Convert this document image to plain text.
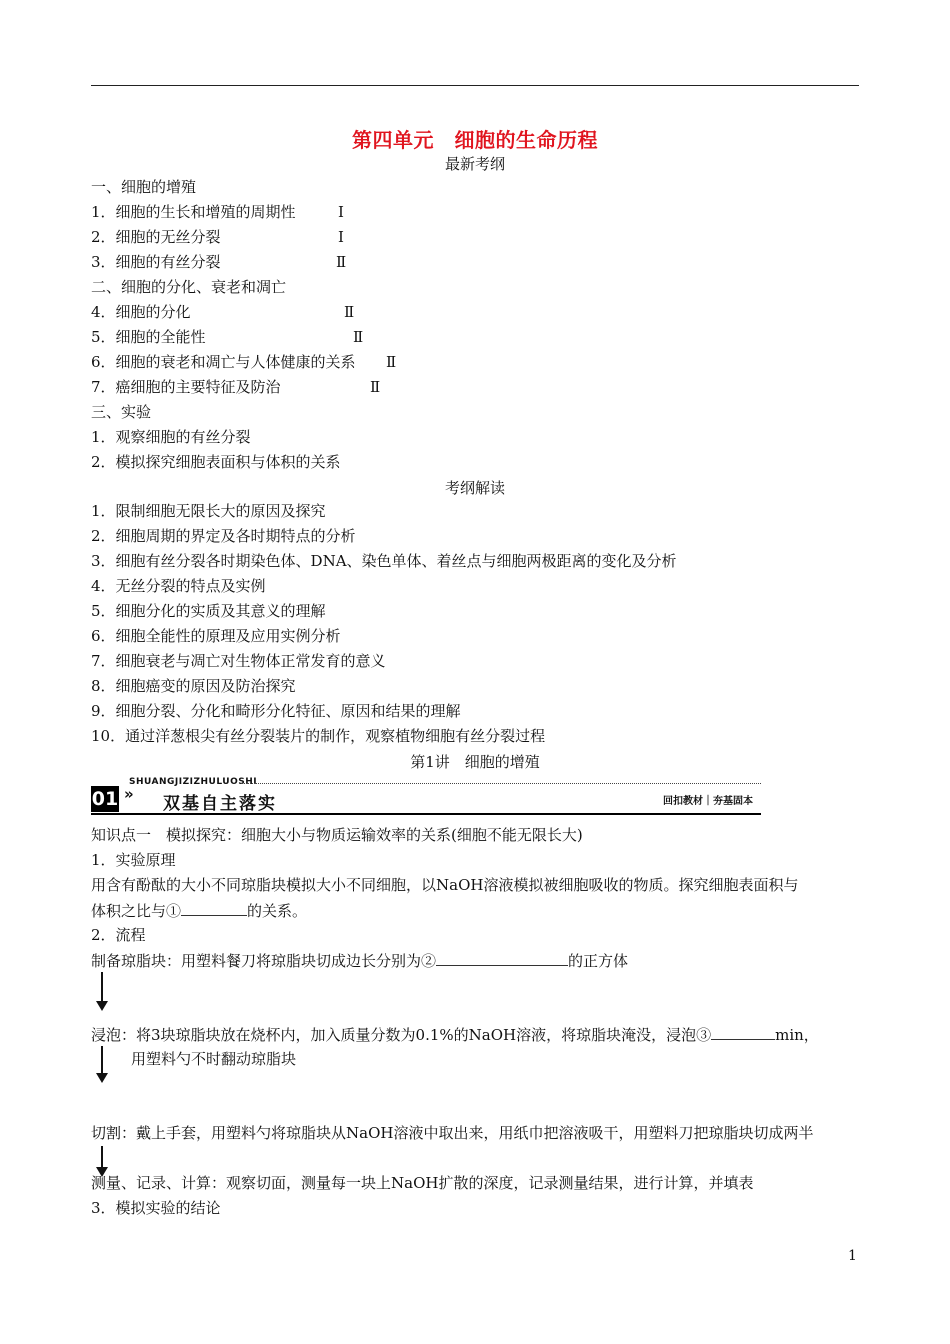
第四单元　细胞的生命历程
最新考纲
一、细胞的增殖
1．细胞的生长和增殖的周期性	Ⅰ
2．细胞的无丝分裂	Ⅰ
3．细胞的有丝分裂	Ⅱ
二、细胞的分化、衰老和凋亡
4．细胞的分化	Ⅱ
5．细胞的全能性	Ⅱ
6．细胞的衰老和凋亡与人体健康的关系 Ⅱ
7．癌细胞的主要特征及防治	Ⅱ
三、实验
1．观察细胞的有丝分裂
2．模拟探究细胞表面积与体积的关系
考纲解读
1．限制细胞无限长大的原因及探究
2．细胞周期的界定及各时期特点的分析
3．细胞有丝分裂各时期染色体、DNA、染色单体、着丝点与细胞两极距离的变化及分析
4．无丝分裂的特点及实例
5．细胞分化的实质及其意义的理解
6．细胞全能性的原理及应用实例分析
7．细胞衰老与凋亡对生物体正常发育的意义
8．细胞癌变的原因及防治探究
9．细胞分裂、分化和畸形分化特征、原因和结果的理解
10．通过洋葱根尖有丝分裂装片的制作，观察植物细胞有丝分裂过程
第1讲　细胞的增殖
SHUANGJIZIZHULUOSHI
01 » 双基自主落实	回扣教材｜夯基固本
知识点一　模拟探究：细胞大小与物质运输效率的关系(细胞不能无限长大)
1．实验原理
用含有酚酞的大小不同琼脂块模拟大小不同细胞，以NaOH溶液模拟被细胞吸收的物质。探究细胞表面积与
体积之比与①	的关系。
2．流程
制备琼脂块：用塑料餐刀将琼脂块切成边长分别为②	的正方体
浸泡：将3块琼脂块放在烧杯内，加入质量分数为0.1%的NaOH溶液，将琼脂块淹没，浸泡③	min，
用塑料勺不时翻动琼脂块
切割：戴上手套，用塑料勺将琼脂块从NaOH溶液中取出来，用纸巾把溶液吸干，用塑料刀把琼脂块切成两半
测量、记录、计算：观察切面，测量每一块上NaOH扩散的深度，记录测量结果，进行计算，并填表
3．模拟实验的结论
1
